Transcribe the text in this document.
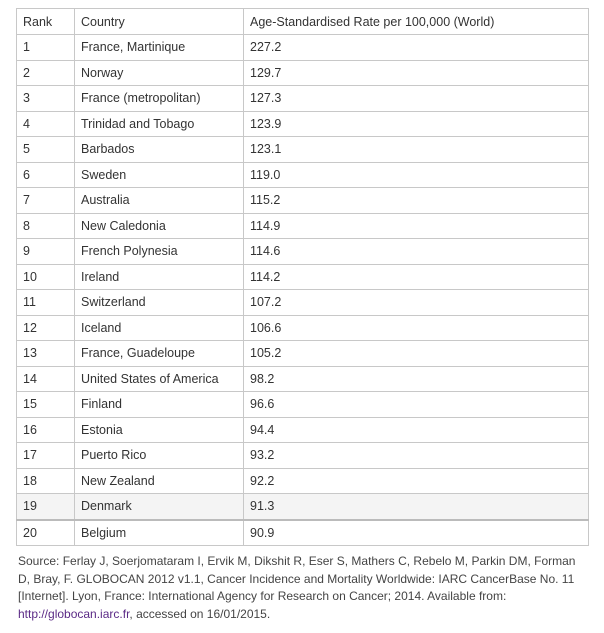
Rank	Country	Age-Standardised Rate per 100,000 (World)
1	France, Martinique	227.2
2	Norway	129.7
3	France (metropolitan)	127.3
4	Trinidad and Tobago	123.9
5	Barbados	123.1
6	Sweden	119.0
7	Australia	115.2
8	New Caledonia	114.9
9	French Polynesia	114.6
10	Ireland	114.2
11	Switzerland	107.2
12	Iceland	106.6
13	France, Guadeloupe	105.2
14	United States of America	98.2
15	Finland	96.6
16	Estonia	94.4
17	Puerto Rico	93.2
18	New Zealand	92.2
19	Denmark	91.3
20	Belgium	90.9

Source: Ferlay J, Soerjomataram I, Ervik M, Dikshit R, Eser S, Mathers C, Rebelo M, Parkin DM, Forman D, Bray, F. GLOBOCAN 2012 v1.1, Cancer Incidence and Mortality Worldwide: IARC CancerBase No. 11 [Internet]. Lyon, France: International Agency for Research on Cancer; 2014. Available from: http://globocan.iarc.fr, accessed on 16/01/2015.
